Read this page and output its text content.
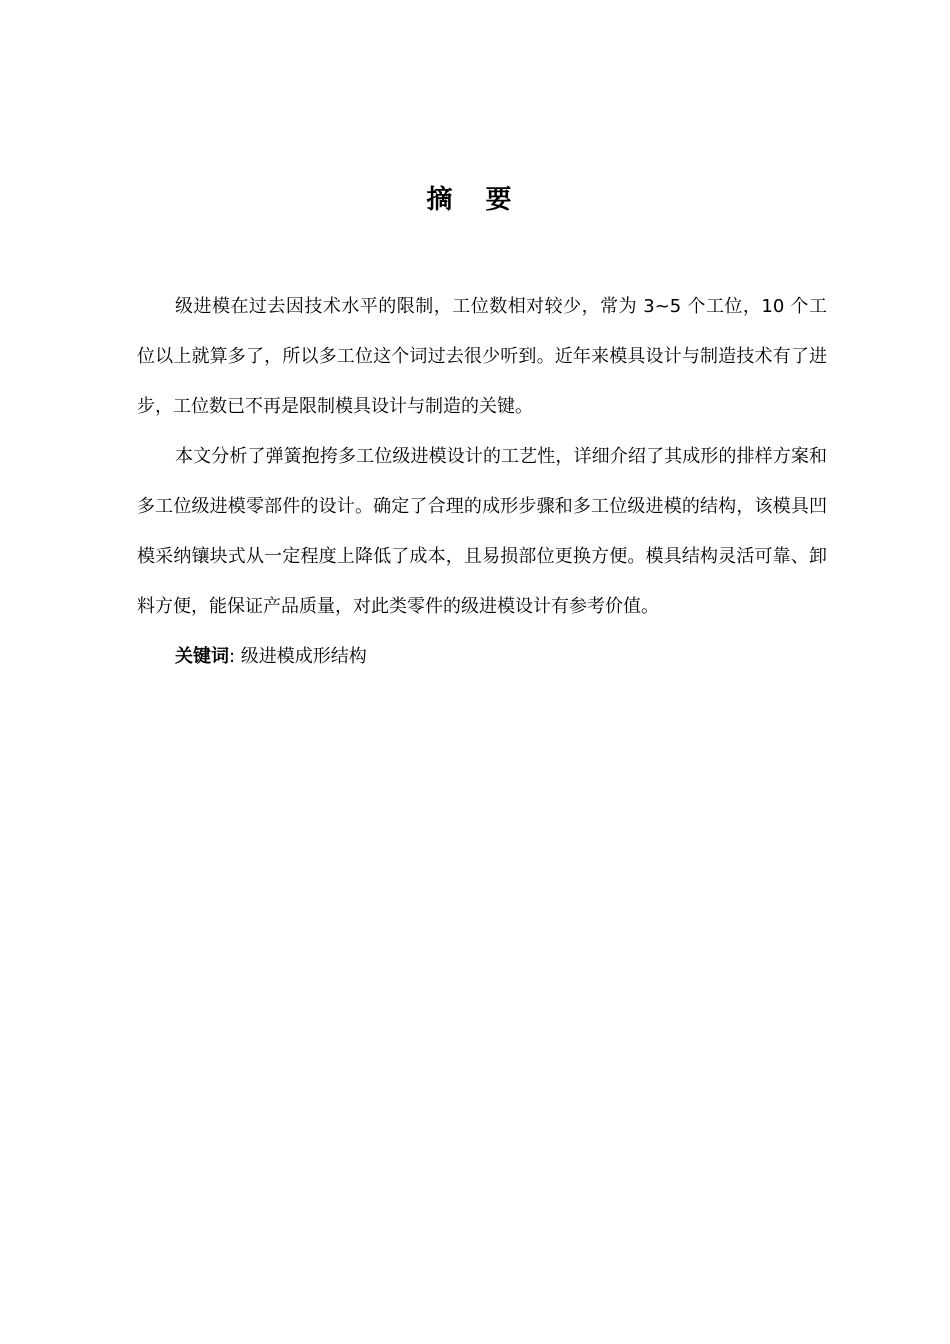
摘 要

级进模在过去因技术水平的限制，工位数相对较少，常为 3~5 个工位，10 个工位以上就算多了，所以多工位这个词过去很少听到。近年来模具设计与制造技术有了进步，工位数已不再是限制模具设计与制造的关键。

本文分析了弹簧抱挎多工位级进模设计的工艺性，详细介绍了其成形的排样方案和多工位级进模零部件的设计。确定了合理的成形步骤和多工位级进模的结构，该模具凹模采纳镶块式从一定程度上降低了成本，且易损部位更换方便。模具结构灵活可靠、卸料方便，能保证产品质量，对此类零件的级进模设计有参考价值。

关键词: 级进模成形结构
